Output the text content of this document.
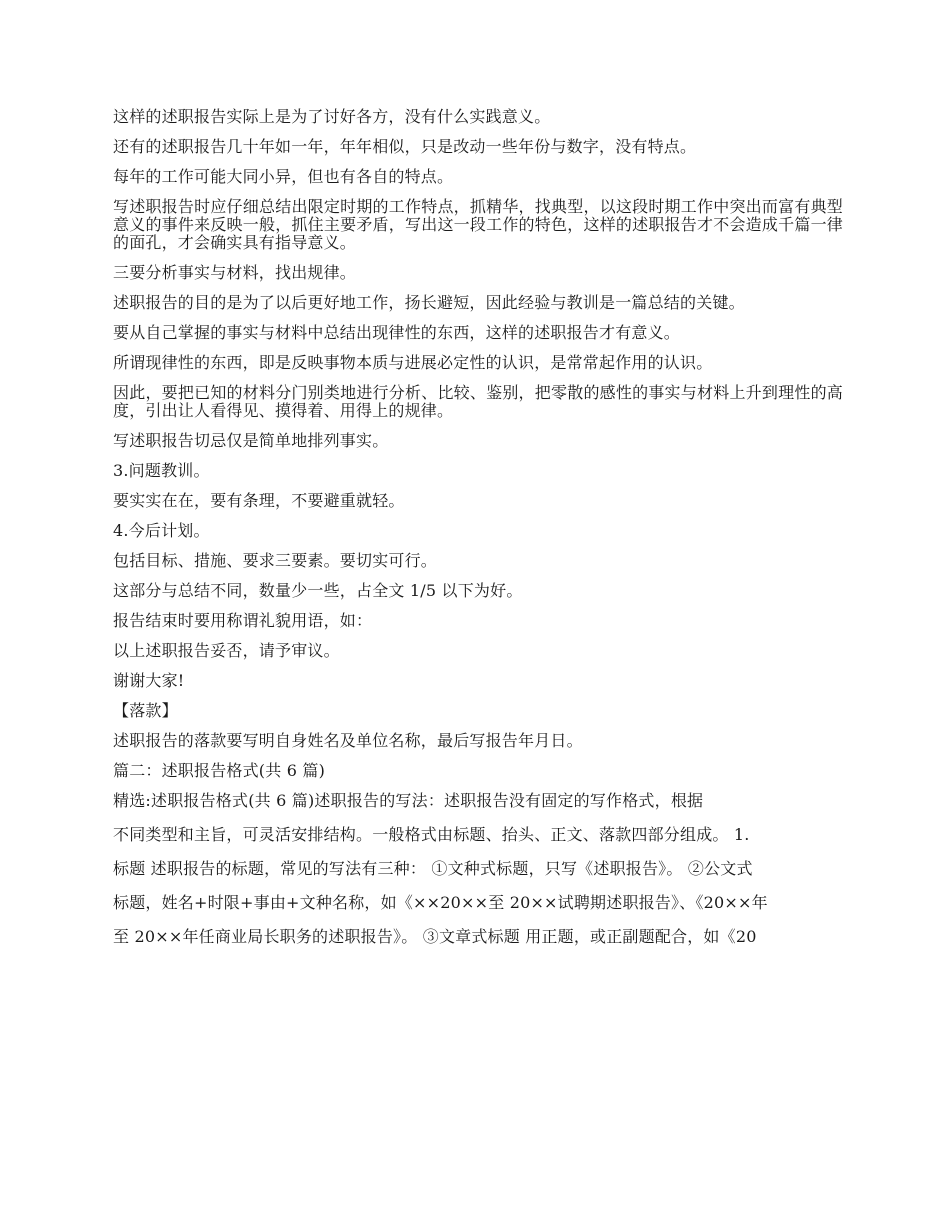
这样的述职报告实际上是为了讨好各方，没有什么实践意义。

还有的述职报告几十年如一年，年年相似，只是改动一些年份与数字，没有特点。

每年的工作可能大同小异，但也有各自的特点。

写述职报告时应仔细总结出限定时期的工作特点，抓精华，找典型，以这段时期工作中突出而富有典型意义的事件来反映一般，抓住主要矛盾，写出这一段工作的特色，这样的述职报告才不会造成千篇一律的面孔，才会确实具有指导意义。

三要分析事实与材料，找出规律。

述职报告的目的是为了以后更好地工作，扬长避短，因此经验与教训是一篇总结的关键。

要从自己掌握的事实与材料中总结出现律性的东西，这样的述职报告才有意义。

所谓现律性的东西，即是反映事物本质与进展必定性的认识，是常常起作用的认识。

因此，要把已知的材料分门别类地进行分析、比较、鉴别，把零散的感性的事实与材料上升到理性的高度，引出让人看得见、摸得着、用得上的规律。

写述职报告切忌仅是简单地排列事实。

3.问题教训。

要实实在在，要有条理，不要避重就轻。

4.今后计划。

包括目标、措施、要求三要素。要切实可行。

这部分与总结不同，数量少一些，占全文 1/5 以下为好。

报告结束时要用称谓礼貌用语，如：

以上述职报告妥否，请予审议。

谢谢大家!

【落款】

述职报告的落款要写明自身姓名及单位名称，最后写报告年月日。

篇二：述职报告格式(共 6 篇)

精选:述职报告格式(共 6 篇)述职报告的写法：述职报告没有固定的写作格式，根据

不同类型和主旨，可灵活安排结构。一般格式由标题、抬头、正文、落款四部分组成。 1.

标题 述职报告的标题，常见的写法有三种： ①文种式标题，只写《述职报告》。 ②公文式

标题，姓名+时限+事由+文种名称，如《××20××至 20××试聘期述职报告》、《20××年

至 20××年任商业局长职务的述职报告》。 ③文章式标题 用正题，或正副题配合，如《20
